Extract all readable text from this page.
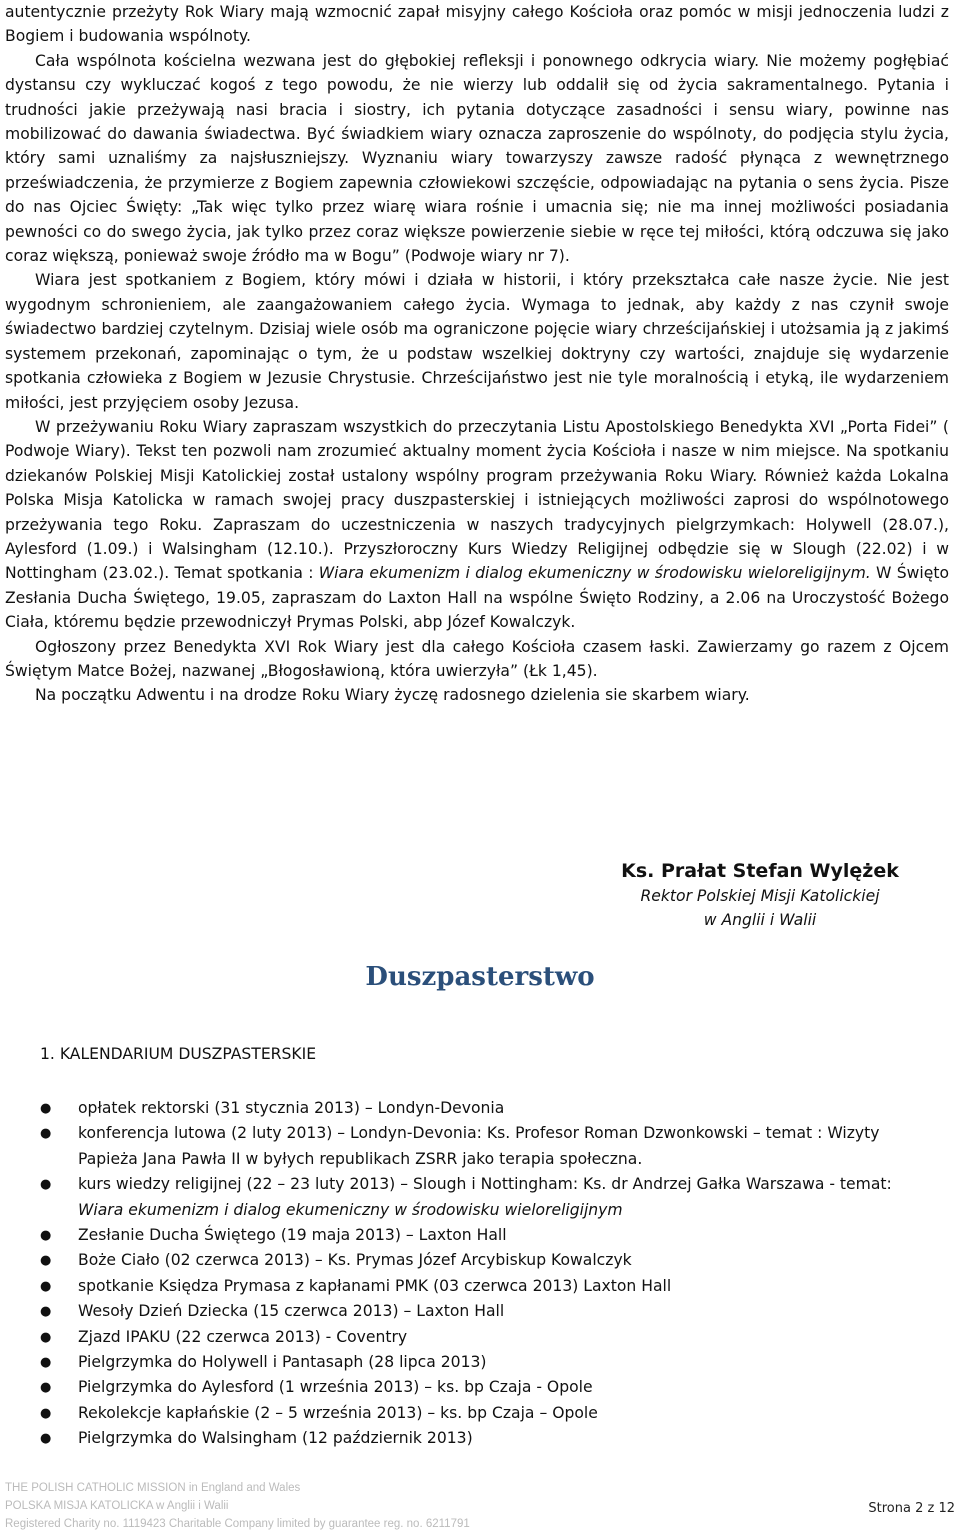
autentycznie przeżyty Rok Wiary mają wzmocnić zapał misyjny całego Kościoła oraz pomóc w misji jednoczenia ludzi z Bogiem i budowania wspólnoty.

Cała wspólnota kościelna wezwana jest do głębokiej refleksji i ponownego odkrycia wiary. Nie możemy pogłębiać dystansu czy wykluczać kogoś z tego powodu, że nie wierzy lub oddalił się od życia sakramentalnego. Pytania i trudności jakie przeżywają nasi bracia i siostry, ich pytania dotyczące zasadności i sensu wiary, powinne nas mobilizować do dawania świadectwa. Być świadkiem wiary oznacza zaproszenie do wspólnoty, do podjęcia stylu życia, który sami uznaliśmy za najsłuszniejszy. Wyznaniu wiary towarzyszy zawsze radość płynąca z wewnętrznego przeświadczenia, że przymierze z Bogiem zapewnia człowiekowi szczęście, odpowiadając na pytania o sens życia. Pisze do nas Ojciec Święty: „Tak więc tylko przez wiarę wiara rośnie i umacnia się; nie ma innej możliwości posiadania pewności co do swego życia, jak tylko przez coraz większe powierzenie siebie w ręce tej miłości, którą odczuwa się jako coraz większą, ponieważ swoje źródło ma w Bogu” (Podwoje wiary nr 7).

Wiara jest spotkaniem z Bogiem, który mówi i działa w historii, i który przekształca całe nasze życie. Nie jest wygodnym schronieniem, ale zaangażowaniem całego życia. Wymaga to jednak, aby każdy z nas czynił swoje świadectwo bardziej czytelnym. Dzisiaj wiele osób ma ograniczone pojęcie wiary chrześcijańskiej i utożsamia ją z jakimś systemem przekonań, zapominając o tym, że u podstaw wszelkiej doktryny czy wartości, znajduje się wydarzenie spotkania człowieka z Bogiem w Jezusie Chrystusie. Chrześcijaństwo jest nie tyle moralnością i etyką, ile wydarzeniem miłości, jest przyjęciem osoby Jezusa.

W przeżywaniu Roku Wiary zapraszam wszystkich do przeczytania Listu Apostolskiego Benedykta XVI „Porta Fidei” ( Podwoje Wiary). Tekst ten pozwoli nam zrozumieć aktualny moment życia Kościoła i nasze w nim miejsce. Na spotkaniu dziekanów Polskiej Misji Katolickiej został ustalony wspólny program przeżywania Roku Wiary. Również każda Lokalna Polska Misja Katolicka w ramach swojej pracy duszpasterskiej i istniejących możliwości zaprosi do wspólnotowego przeżywania tego Roku. Zapraszam do uczestniczenia w naszych tradycyjnych pielgrzymkach: Holywell (28.07.), Aylesford (1.09.) i Walsingham (12.10.). Przyszłoroczny Kurs Wiedzy Religijnej odbędzie się w Slough (22.02) i w Nottingham (23.02.). Temat spotkania : Wiara ekumenizm i dialog ekumeniczny w środowisku wieloreligijnym. W Święto Zesłania Ducha Świętego, 19.05, zapraszam do Laxton Hall na wspólne Święto Rodziny, a 2.06 na Uroczystość Bożego Ciała, któremu będzie przewodniczył Prymas Polski, abp Józef Kowalczyk.

Ogłoszony przez Benedykta XVI Rok Wiary jest dla całego Kościoła czasem łaski. Zawierzamy go razem z Ojcem Świętym Matce Bożej, nazwanej „Błogosławioną, która uwierzyła” (Łk 1,45).

Na początku Adwentu i na drodze Roku Wiary życzę radosnego dzielenia sie skarbem wiary.

Ks. Prałat Stefan Wylężek
Rektor Polskiej Misji Katolickiej
w Anglii i Walii
Duszpasterstwo
1. KALENDARIUM DUSZPASTERSKIE
● opłatek rektorski (31 stycznia 2013) – Londyn-Devonia
● konferencja lutowa (2 luty 2013) – Londyn-Devonia: Ks. Profesor Roman Dzwonkowski – temat : Wizyty Papieża Jana Pawła II w byłych republikach ZSRR jako terapia społeczna.
● kurs wiedzy religijnej (22 – 23 luty 2013) – Slough i Nottingham: Ks. dr Andrzej Gałka Warszawa - temat: Wiara ekumenizm i dialog ekumeniczny w środowisku wieloreligijnym
● Zesłanie Ducha Świętego (19 maja 2013) – Laxton Hall
● Boże Ciało (02 czerwca 2013) – Ks. Prymas Józef Arcybiskup Kowalczyk
● spotkanie Księdza Prymasa z kapłanami PMK (03 czerwca 2013) Laxton Hall
● Wesoły Dzień Dziecka (15 czerwca 2013) – Laxton Hall
● Zjazd IPAKU (22 czerwca 2013) - Coventry
● Pielgrzymka do Holywell i Pantasaph (28 lipca 2013)
● Pielgrzymka do Aylesford (1 września 2013) – ks. bp Czaja - Opole
● Rekolekcje kapłańskie (2 – 5 września 2013) – ks. bp Czaja – Opole
● Pielgrzymka do Walsingham (12 październik 2013)
THE POLISH CATHOLIC MISSION in England and Wales
POLSKA MISJA KATOLICKA w Anglii i Walii
Registered Charity no. 1119423 Charitable Company limited by guarantee reg. no. 6211791
Strona 2 z 12
